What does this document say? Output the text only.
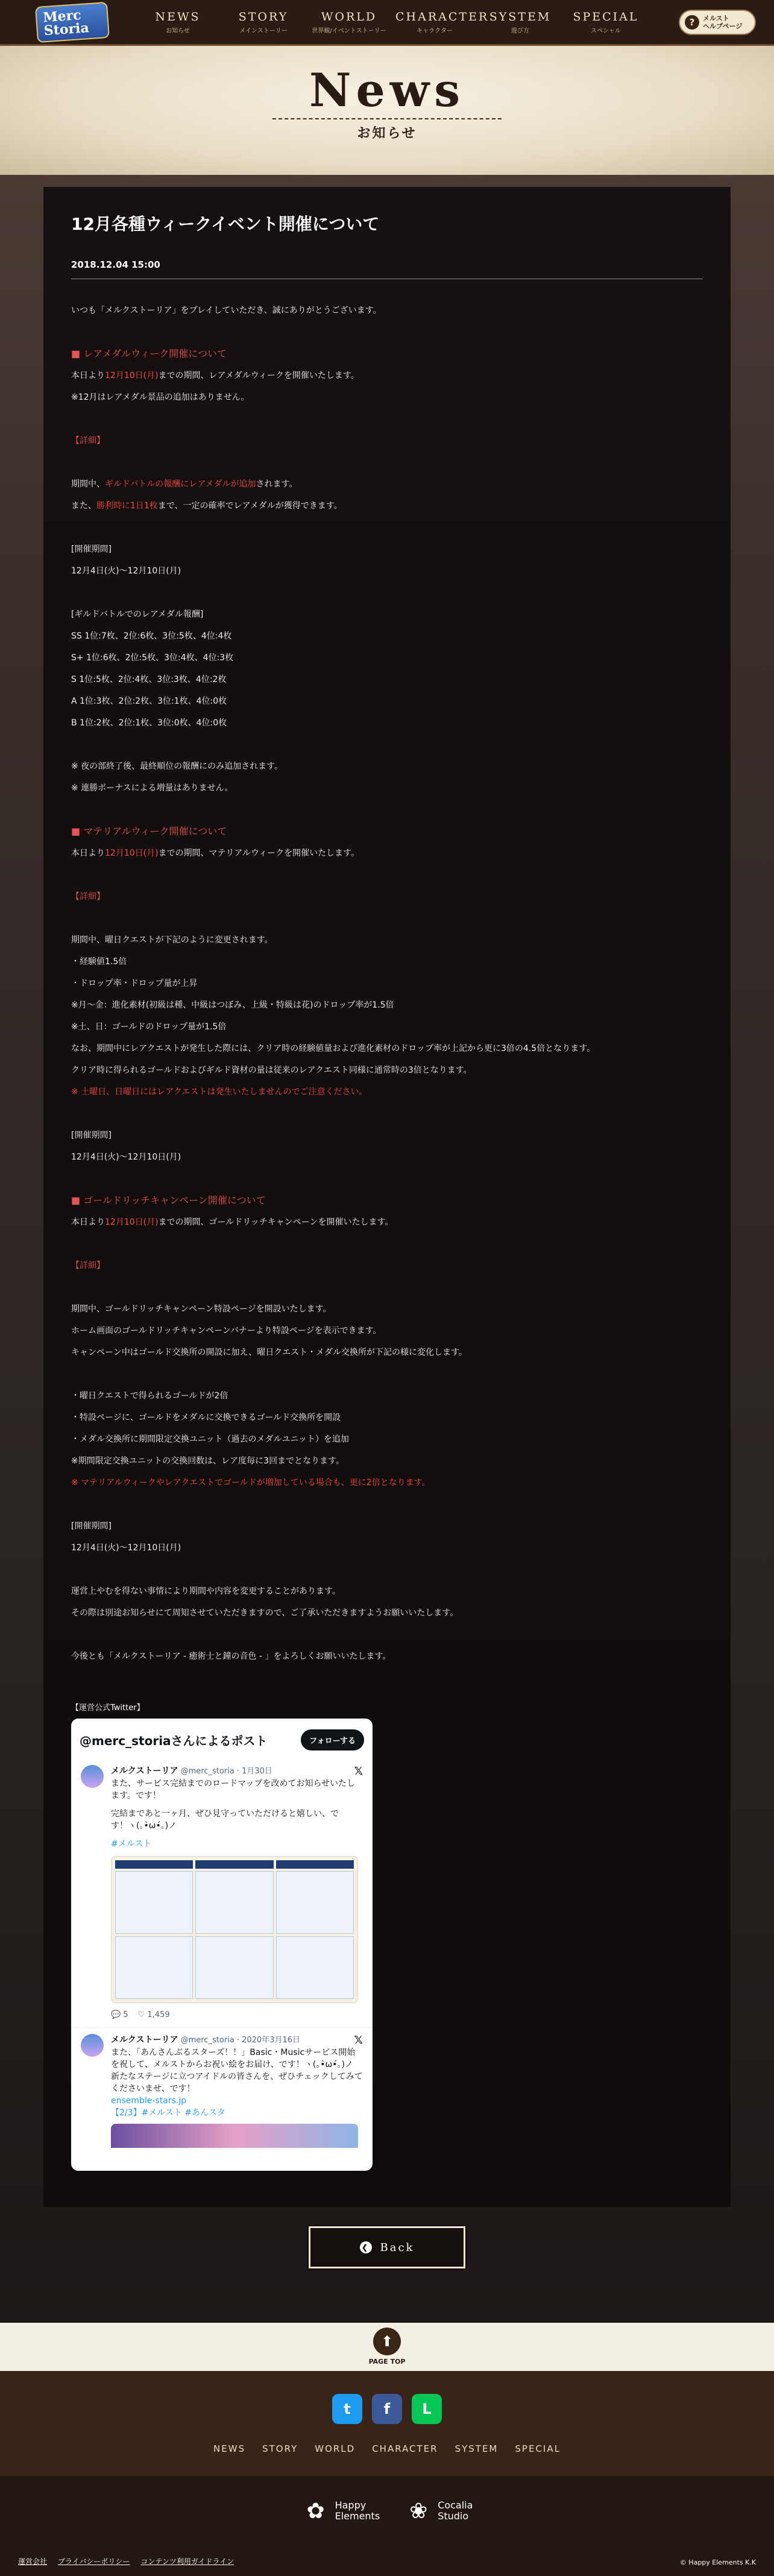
Merc Storia
NEWS
お知らせ
STORY
メインストーリー
WORLD
世界観/イベントストーリー
CHARACTER
キャラクター
SYSTEM
遊び方
SPECIAL
スペシャル
?	メルスト
ヘルプページ
News
お知らせ
12月各種ウィークイベント開催について
2018.12.04 15:00
いつも「メルクストーリア」をプレイしていただき、誠にありがとうございます。
■ レアメダルウィーク開催について
本日より12月10日(月)までの期間、レアメダルウィークを開催いたします。
※12月はレアメダル景品の追加はありません。
【詳細】
期間中、ギルドバトルの報酬にレアメダルが追加されます。
また、勝利時に1日1枚まで、一定の確率でレアメダルが獲得できます。
[開催期間]
12月4日(火)～12月10日(月)
[ギルドバトルでのレアメダル報酬]
SS 1位:7枚、2位:6枚、3位:5枚、4位:4枚
S+ 1位:6枚、2位:5枚、3位:4枚、4位:3枚
S 1位:5枚、2位:4枚、3位:3枚、4位:2枚
A 1位:3枚、2位:2枚、3位:1枚、4位:0枚
B 1位:2枚、2位:1枚、3位:0枚、4位:0枚
※ 夜の部終了後、最終順位の報酬にのみ追加されます。
※ 連勝ボーナスによる増量はありません。
■ マテリアルウィーク開催について
本日より12月10日(月)までの期間、マテリアルウィークを開催いたします。
【詳細】
期間中、曜日クエストが下記のように変更されます。
・経験値1.5倍
・ドロップ率・ドロップ量が上昇
※月～金：進化素材(初級は種、中級はつぼみ、上級・特級は花)のドロップ率が1.5倍
※土、日：ゴールドのドロップ量が1.5倍
なお、期間中にレアクエストが発生した際には、クリア時の経験値量および進化素材のドロップ率が上記から更に3倍の4.5倍となります。
クリア時に得られるゴールドおよびギルド資材の量は従来のレアクエスト同様に通常時の3倍となります。
※ 土曜日、日曜日にはレアクエストは発生いたしませんのでご注意ください。
[開催期間]
12月4日(火)～12月10日(月)
■ ゴールドリッチキャンペーン開催について
本日より12月10日(月)までの期間、ゴールドリッチキャンペーンを開催いたします。
【詳細】
期間中、ゴールドリッチキャンペーン特設ページを開設いたします。
ホーム画面のゴールドリッチキャンペーンバナーより特設ページを表示できます。
キャンペーン中はゴールド交換所の開設に加え、曜日クエスト・メダル交換所が下記の様に変化します。
・曜日クエストで得られるゴールドが2倍
・特設ページに、ゴールドをメダルに交換できるゴールド交換所を開設
・メダル交換所に期間限定交換ユニット（過去のメダルユニット）を追加
※期間限定交換ユニットの交換回数は、レア度毎に3回までとなります。
※ マテリアルウィークやレアクエストでゴールドが増加している場合も、更に2倍となります。
[開催期間]
12月4日(火)～12月10日(月)
運営上やむを得ない事情により期間や内容を変更することがあります。
その際は別途お知らせにて周知させていただきますので、ご了承いただきますようお願いいたします。
今後とも「メルクストーリア - 癒術士と鐘の音色 - 」をよろしくお願いいたします。
【運営公式Twitter】
@merc_storiaさんによるポスト	フォローする
メルクストーリア @merc_storia · 1月30日	𝕏
また、サービス完結までのロードマップを改めてお知らせいたします。です！
完結まであと一ヶ月、ぜひ見守っていただけると嬉しい、です！ヽ(｡•̀ω•́｡)ノ
#メルスト
💬 5 ♡ 1,459
メルクストーリア @merc_storia · 2020年3月16日	𝕏
また、「あんさんぶるスターズ！！」Basic・Musicサービス開始を祝して、メルストからお祝い絵をお届け、です！ヽ(｡•̀ω•́｡)ノ
新たなステージに立つアイドルの皆さんを、ぜひチェックしてみてくださいませ、です！
ensemble-stars.jp
【2/3】#メルスト #あんスタ
❮ Back
⬆
PAGE TOP
t	f	L
NEWS STORY WORLD CHARACTER SYSTEM SPECIAL
✿	Happy
Elements ❀	Cocalia
Studio
運営会社 プライバシーポリシー コンテンツ利用ガイドライン	© Happy Elements K.K
